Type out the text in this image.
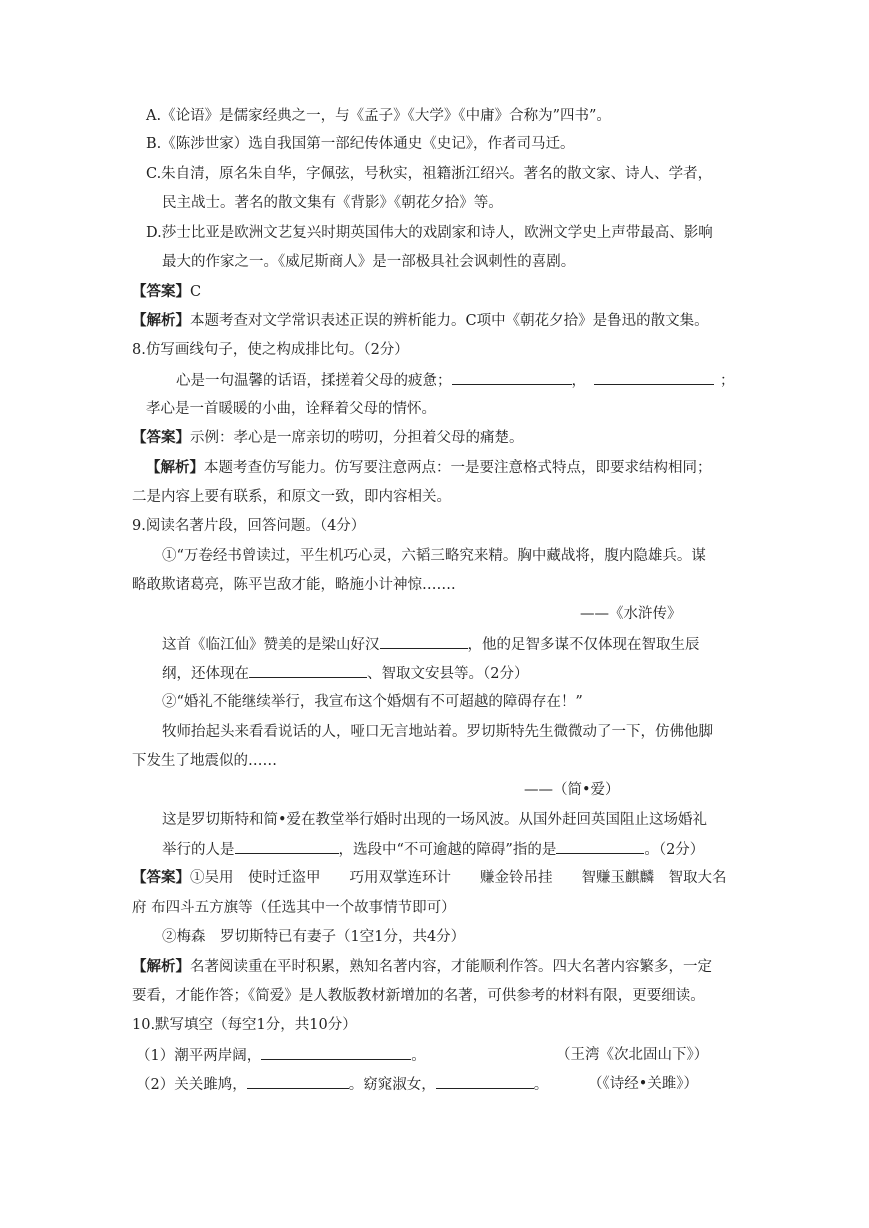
A.《论语》是儒家经典之一，与《孟子》《大学》《中庸》合称为”四书”。
B.《陈涉世家）选自我国第一部纪传体通史《史记》，作者司马迁。
C.朱自清，原名朱自华，字佩弦，号秋实，祖籍浙江绍兴。著名的散文家、诗人、学者，
民主战士。著名的散文集有《背影》《朝花夕拾》等。
D.莎士比亚是欧洲文艺复兴时期英国伟大的戏剧家和诗人，欧洲文学史上声带最高、影响
最大的作家之一。《威尼斯商人》是一部极具社会讽刺性的喜剧。
【答案】C
【解析】本题考查对文学常识表述正误的辨析能力。C项中《朝花夕拾》是鲁迅的散文集。
8.仿写画线句子，使之构成排比句。（2分）
心是一句温馨的话语，揉搓着父母的疲惫；	，	；
孝心是一首暖暖的小曲，诠释着父母的情怀。
【答案】示例：孝心是一席亲切的唠叨，分担着父母的痛楚。
【解析】本题考查仿写能力。仿写要注意两点：一是要注意格式特点，即要求结构相同；
二是内容上要有联系，和原文一致，即内容相关。
9.阅读名著片段，回答问题。（4分）
①“万卷经书曾读过，平生机巧心灵，六韬三略究来精。胸中藏战将，腹内隐雄兵。谋
略敢欺诸葛亮，陈平岂敌才能，略施小计神惊…….
——《水浒传》
这首《临江仙》赞美的是梁山好汉	，他的足智多谋不仅体现在智取生辰
纲，还体现在	、智取文安县等。（2分）
②“婚礼不能继续举行，我宣布这个婚烟有不可超越的障碍存在！”
牧师抬起头来看看说话的人，哑口无言地站着。罗切斯特先生微微动了一下，仿佛他脚
下发生了地震似的……
——（简•爱）
这是罗切斯特和简•爱在教堂举行婚时出现的一场风波。从国外赶回英国阻止这场婚礼
举行的人是	，选段中“不可逾越的障碍”指的是	。（2分）
【答案】①吴用　使时迁盗甲　　巧用双掌连环计　　赚金铃吊挂　　智赚玉麒麟　智取大名
府 布四斗五方旗等（任选其中一个故事情节即可）
②梅森　罗切斯特已有妻子（1空1分，共4分）
【解析】名著阅读重在平时积累，熟知名著内容，才能顺利作答。四大名著内容繁多，一定
要看，才能作答；《简爱》是人教版教材新增加的名著，可供参考的材料有限，更要细读。
10.默写填空（每空1分，共10分）
（1）潮平两岸阔，	。	（王湾《次北固山下》）
（2）关关雎鸠，	。窈窕淑女，	。	（《诗经•关雎》）
